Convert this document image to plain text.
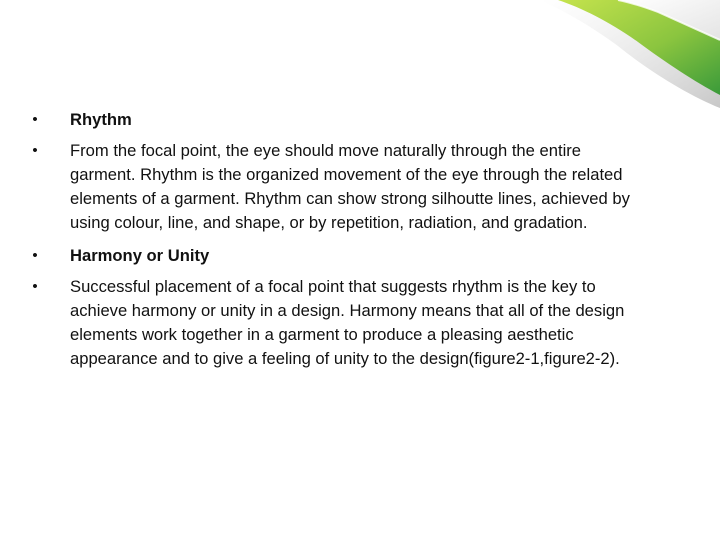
• Rhythm
• From the focal point, the eye should move naturally through the entire
garment. Rhythm is the organized movement of the eye through the related
elements of a garment. Rhythm can show strong silhoutte lines, achieved by
using colour, line, and shape, or by repetition, radiation, and gradation.
• Harmony or Unity
• Successful placement of a focal point that suggests rhythm is the key to
achieve harmony or unity in a design. Harmony means that all of the design
elements work together in a garment to produce a pleasing aesthetic
appearance and to give a feeling of unity to the design(figure2-1,figure2-2).
